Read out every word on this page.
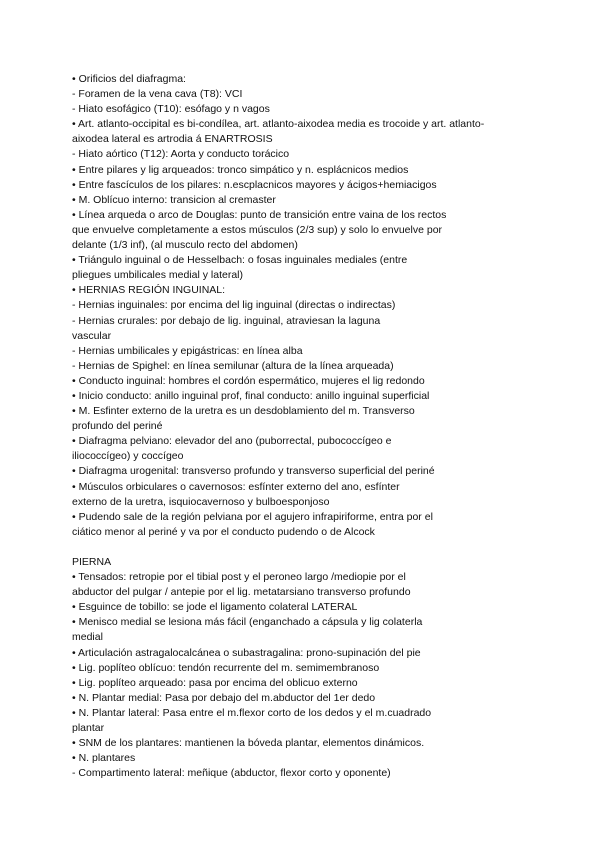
• Orificios del diafragma:
- Foramen de la vena cava (T8): VCI
- Hiato esofágico (T10): esófago y n vagos
• Art. atlanto-occipital es bi-condílea, art. atlanto-aixodea media es trocoide y art. atlanto-
aixodea lateral es artrodia á ENARTROSIS
- Hiato aórtico (T12): Aorta y conducto torácico
• Entre pilares y lig arqueados: tronco simpático y n. esplácnicos medios
• Entre fascículos de los pilares: n.escplacnicos mayores y ácigos+hemiacigos
• M. Oblícuo interno: transicion al cremaster
• Línea arqueda o arco de Douglas: punto de transición entre vaina de los rectos
que envuelve completamente a estos músculos (2/3 sup) y solo lo envuelve por
delante (1/3 inf), (al musculo recto del abdomen)
• Triángulo inguinal o de Hesselbach: o fosas inguinales mediales (entre
pliegues umbilicales medial y lateral)
• HERNIAS REGIÓN INGUINAL:
- Hernias inguinales: por encima del lig inguinal (directas o indirectas)
- Hernias crurales: por debajo de lig. inguinal, atraviesan la laguna
vascular
- Hernias umbilicales y epigástricas: en línea alba
- Hernias de Spighel: en línea semilunar (altura de la línea arqueada)
• Conducto inguinal: hombres el cordón espermático, mujeres el lig redondo
• Inicio conducto: anillo inguinal prof, final conducto: anillo inguinal superficial
• M. Esfinter externo de la uretra es un desdoblamiento del m. Transverso
profundo del periné
• Diafragma pelviano: elevador del ano (puborrectal, pubococcígeo e
iliococcígeo) y coccígeo
• Diafragma urogenital: transverso profundo y transverso superficial del periné
• Músculos orbiculares o cavernosos: esfínter externo del ano, esfínter
externo de la uretra, isquiocavernoso y bulboesponjoso
• Pudendo sale de la región pelviana por el agujero infrapiriforme, entra por el
ciático menor al periné y va por el conducto pudendo o de Alcock
PIERNA
• Tensados: retropie por el tibial post y el peroneo largo /mediopie por el
abductor del pulgar / antepie por el lig. metatarsiano transverso profundo
• Esguince de tobillo: se jode el ligamento colateral LATERAL
• Menisco medial se lesiona más fácil (enganchado a cápsula y lig colaterla
medial
• Articulación astragalocalcánea o subastragalina: prono-supinación del pie
• Lig. poplíteo oblícuo: tendón recurrente del m. semimembranoso
• Lig. poplíteo arqueado: pasa por encima del oblicuo externo
• N. Plantar medial: Pasa por debajo del m.abductor del 1er dedo
• N. Plantar lateral: Pasa entre el m.flexor corto de los dedos y el m.cuadrado
plantar
• SNM de los plantares: mantienen la bóveda plantar, elementos dinámicos.
• N. plantares
- Compartimento lateral: meñique (abductor, flexor corto y oponente)
